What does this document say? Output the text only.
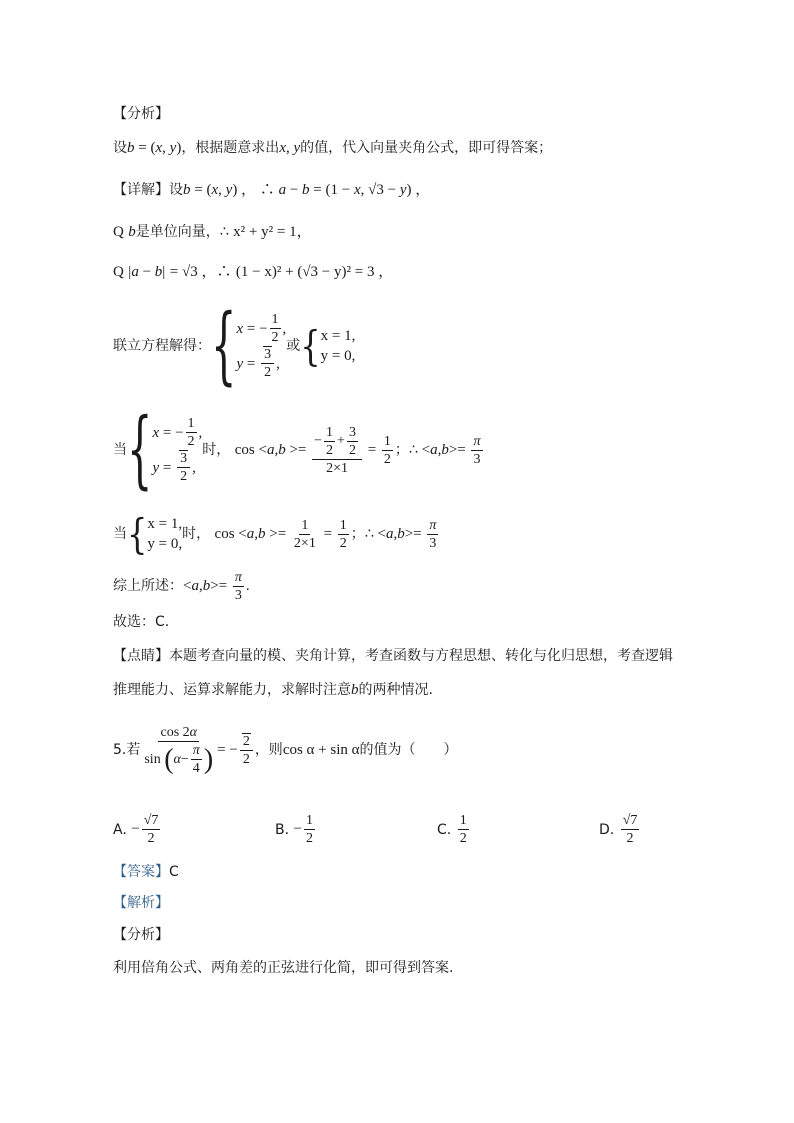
【分析】
设b = (x, y)，根据题意求出x, y的值，代入向量夹角公式，即可得答案；
【详解】设b = (x, y) ， ∴ a − b = (1 − x, √3 − y) ，
Q b是单位向量，∴ x² + y² = 1，
Q |a − b| = √3 ，∴ (1 − x)² + (√3 − y)² = 3 ，
联立方程解得： { x = − $\frac{1}{2}$ ,
$y = \frac{3}{2}$ ,
或 { x = 1,
y = 0,
当 { x = − $\frac{1}{2}$ ,
$y = \frac{3}{2}$ ,
时，
$\cos < a,b >= \frac{- \frac{1}{2} + \frac{3}{2}}{2\times 1} = \frac{1}{2}$ ；∴ $<a,b>= \frac{\pi}{3}$
当 { x = 1,
y = 0,
时，
$\cos < a,b >= \frac{1}{2\times 1} = \frac{1}{2}$ ；∴ $<a,b>= \frac{\pi}{3}$
综上所述： $<a,b>= \frac{\pi}{3}$ .
故选：C.
【点睛】本题考查向量的模、夹角计算，考查函数与方程思想、转化与化归思想，考查逻辑
推理能力、运算求解能力，求解时注意b的两种情况.
5.若 $\frac{\cos 2\alpha}{\sin ( \alpha - \frac{\pi}{4} )}$ = − $\frac{2}{2}$ ，则 cos α + sin α 的值为（　　）
A.
− $\frac{√7}{2}$	B.
− $\frac{1}{2}$	C.
$\frac{1}{2}$	D.
$\frac{√7}{2}$
【答案】C
【解析】
【分析】
利用倍角公式、两角差的正弦进行化简，即可得到答案.
